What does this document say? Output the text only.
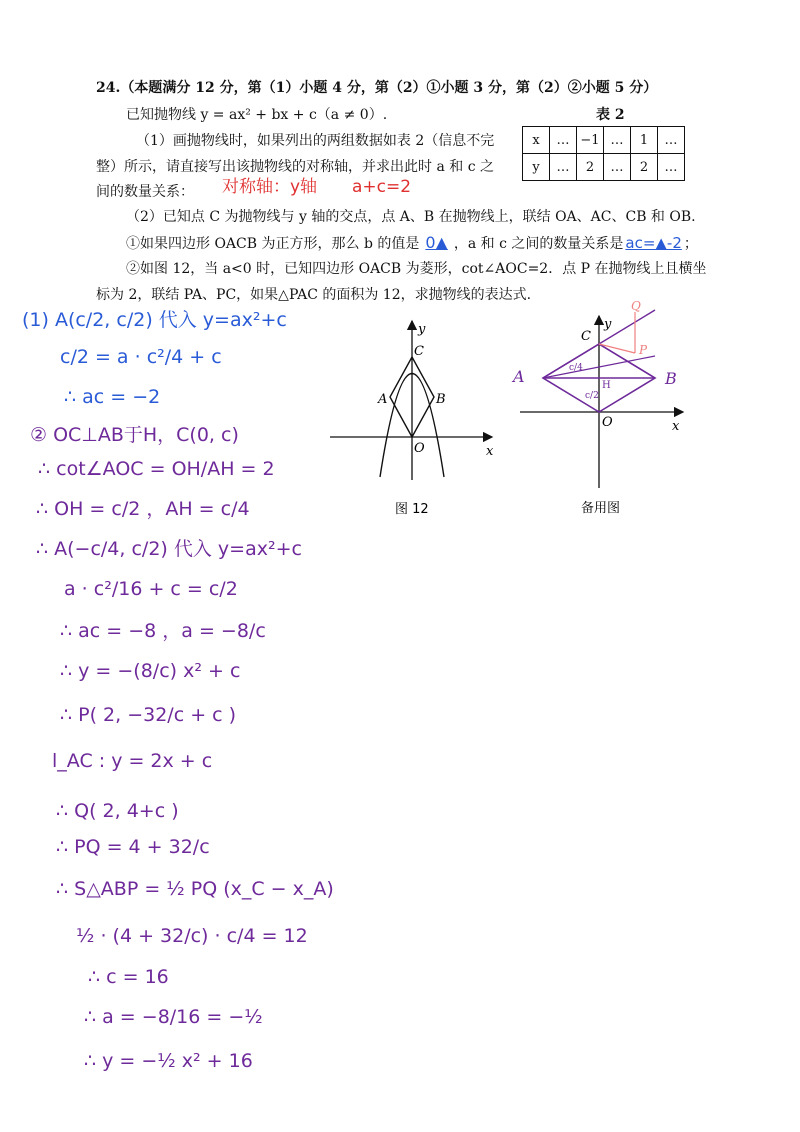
24.（本题满分 12 分，第（1）小题 4 分，第（2）①小题 3 分，第（2）②小题 5 分）
已知抛物线 y = ax² + bx + c（a ≠ 0）.	表 2
x	…	−1	…	1	…
y	…	2	…	2	…
（1）画抛物线时，如果列出的两组数据如表 2（信息不完
整）所示，请直接写出该抛物线的对称轴，并求出此时 a 和 c 之
间的数量关系： 对称轴：y轴 a+c=2
（2）已知点 C 为抛物线与 y 轴的交点，点 A、B 在抛物线上，联结 OA、AC、CB 和 OB.
①如果四边形 OACB 为正方形，那么 b 的值是 0▲ ，a 和 c 之间的数量关系是 ac=▲-2 ；
②如图 12，当 a<0 时，已知四边形 OACB 为菱形，cot∠AOC=2．点 P 在抛物线上且横坐
标为 2，联结 PA、PC，如果△PAC 的面积为 12，求抛物线的表达式.
y
x
C
A	B
O
图 12
Q
P
y
x
C
A	B
H
O
c/4
c/2
备用图
(1) A(c/2, c/2) 代入 y=ax²+c
c/2 = a · c²/4 + c
∴ ac = −2
② OC⊥AB于H，C(0, c)
∴ cot∠AOC = OH/AH = 2
∴ OH = c/2 ，AH = c/4
∴ A(−c/4, c/2) 代入 y=ax²+c
a · c²/16 + c = c/2
∴ ac = −8 ，a = −8/c
∴ y = −(8/c) x² + c
∴ P( 2, −32/c + c )
l_AC : y = 2x + c
∴ Q( 2, 4+c )
∴ PQ = 4 + 32/c
∴ S△ABP = ½ PQ (x_C − x_A)
½ · (4 + 32/c) · c/4 = 12
∴ c = 16
∴ a = −8/16 = −½
∴ y = −½ x² + 16
